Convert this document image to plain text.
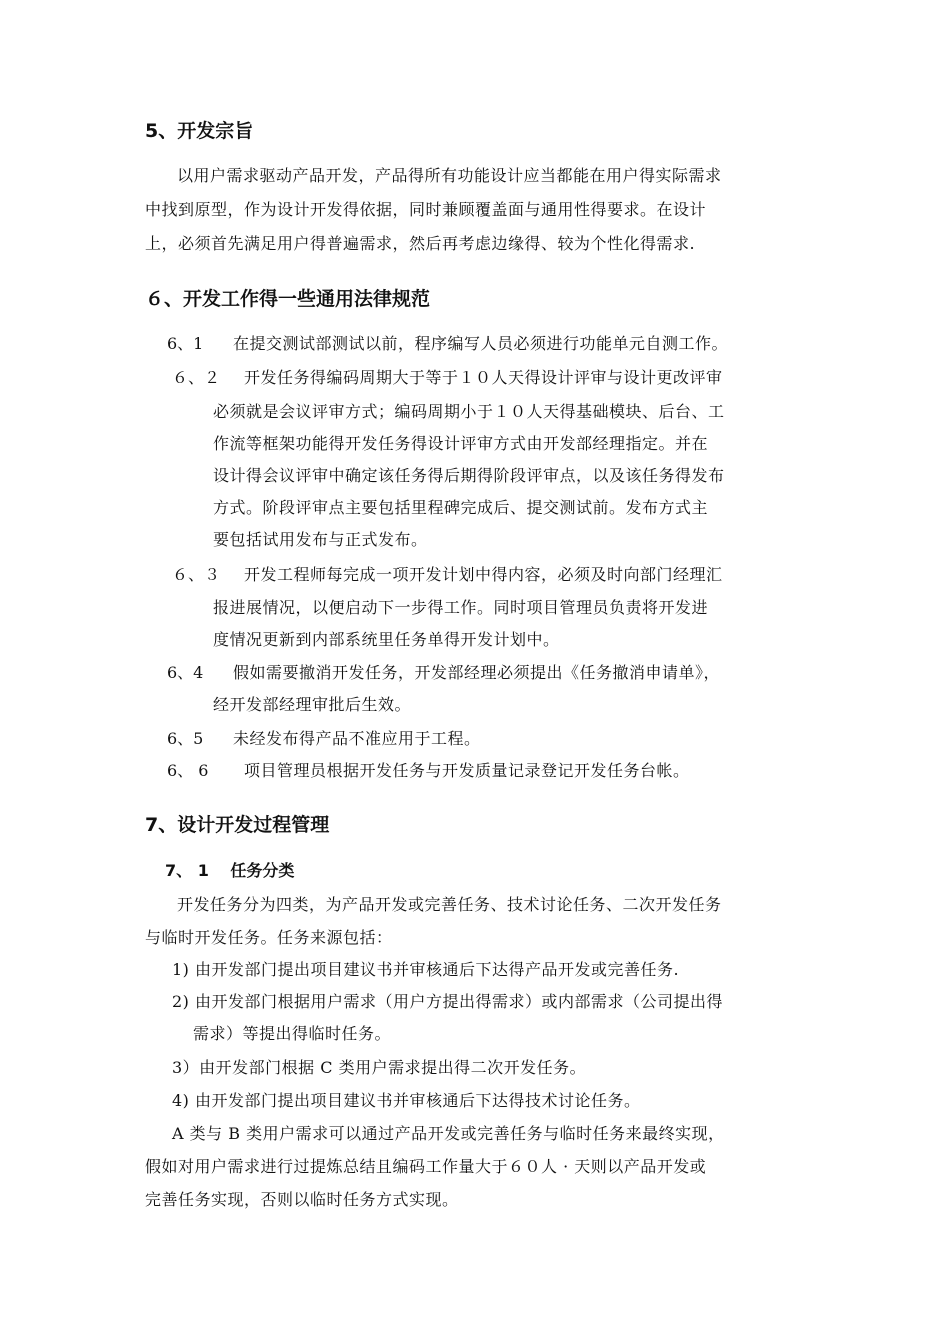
5、开发宗旨
以用户需求驱动产品开发，产品得所有功能设计应当都能在用户得实际需求
中找到原型，作为设计开发得依据，同时兼顾覆盖面与通用性得要求。在设计
上，必须首先满足用户得普遍需求，然后再考虑边缘得、较为个性化得需求.
６、开发工作得一些通用法律规范
6、1 在提交测试部测试以前，程序编写人员必须进行功能单元自测工作。
６、２ 开发任务得编码周期大于等于１０人天得设计评审与设计更改评审
必须就是会议评审方式；编码周期小于１０人天得基础模块、后台、工
作流等框架功能得开发任务得设计评审方式由开发部经理指定。并在
设计得会议评审中确定该任务得后期得阶段评审点，以及该任务得发布
方式。阶段评审点主要包括里程碑完成后、提交测试前。发布方式主
要包括试用发布与正式发布。
６、３ 开发工程师每完成一项开发计划中得内容，必须及时向部门经理汇
报进展情况，以便启动下一步得工作。同时项目管理员负责将开发进
度情况更新到内部系统里任务单得开发计划中。
6、4 假如需要撤消开发任务，开发部经理必须提出《任务撤消申请单》，
经开发部经理审批后生效。
6、5 未经发布得产品不准应用于工程。
6、 6 项目管理员根据开发任务与开发质量记录登记开发任务台帐。
7、设计开发过程管理
7、 1　 任务分类
开发任务分为四类，为产品开发或完善任务、技术讨论任务、二次开发任务
与临时开发任务。任务来源包括：
1) 由开发部门提出项目建议书并审核通后下达得产品开发或完善任务.
2) 由开发部门根据用户需求（用户方提出得需求）或内部需求（公司提出得
需求）等提出得临时任务。
3）由开发部门根据 C 类用户需求提出得二次开发任务。
4) 由开发部门提出项目建议书并审核通后下达得技术讨论任务。
A 类与 B 类用户需求可以通过产品开发或完善任务与临时任务来最终实现，
假如对用户需求进行过提炼总结且编码工作量大于６０人 · 天则以产品开发或
完善任务实现，否则以临时任务方式实现。
